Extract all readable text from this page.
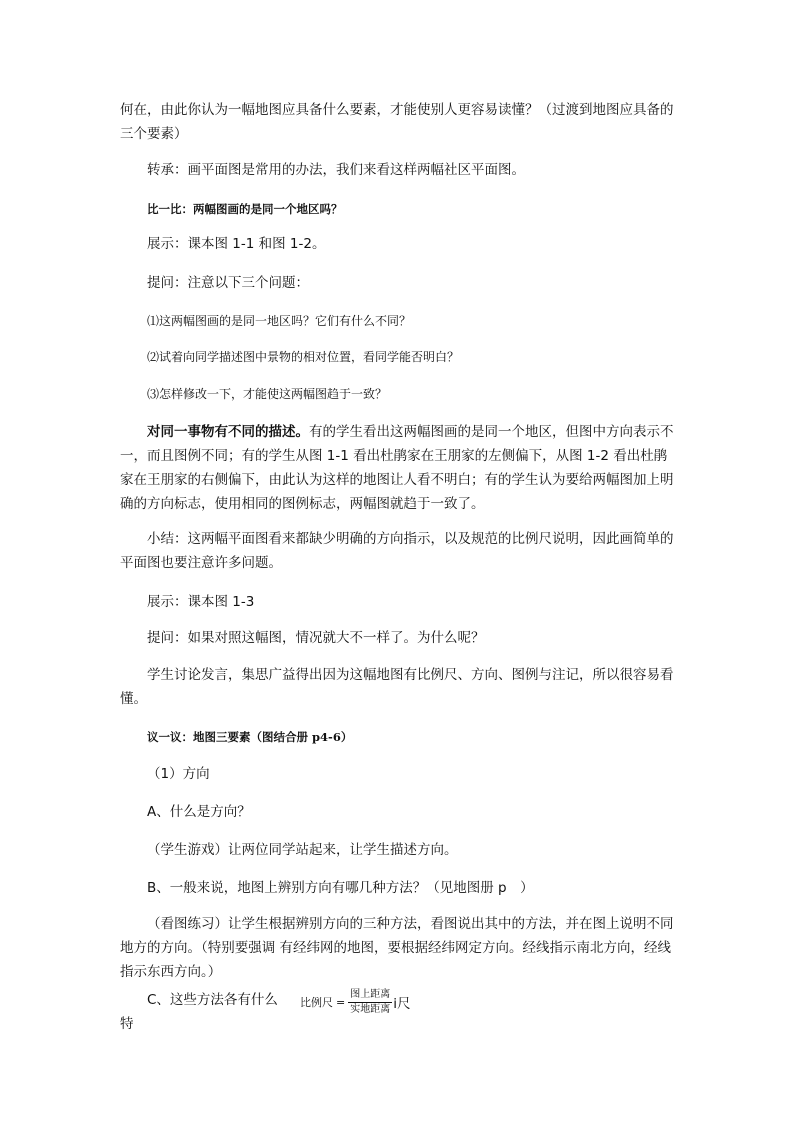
何在，由此你认为一幅地图应具备什么要素，才能使别人更容易读懂？（过渡到地图应具备的三个要素）

转承：画平面图是常用的办法，我们来看这样两幅社区平面图。

比一比：两幅图画的是同一个地区吗？

展示：课本图 1-1 和图 1-2。

提问：注意以下三个问题：

⑴这两幅图画的是同一地区吗？它们有什么不同？

⑵试着向同学描述图中景物的相对位置，看同学能否明白？

⑶怎样修改一下，才能使这两幅图趋于一致？

对同一事物有不同的描述。有的学生看出这两幅图画的是同一个地区，但图中方向表示不一，而且图例不同；有的学生从图 1-1 看出杜鹃家在王朋家的左侧偏下，从图 1-2 看出杜鹃家在王朋家的右侧偏下，由此认为这样的地图让人看不明白；有的学生认为要给两幅图加上明确的方向标志，使用相同的图例标志，两幅图就趋于一致了。

小结：这两幅平面图看来都缺少明确的方向指示，以及规范的比例尺说明，因此画简单的平面图也要注意许多问题。

展示：课本图 1-3

提问：如果对照这幅图，情况就大不一样了。为什么呢？

学生讨论发言，集思广益得出因为这幅地图有比例尺、方向、图例与注记，所以很容易看懂。

议一议：地图三要素（图结合册 p4-6）

（1）方向

A、什么是方向？

（学生游戏）让两位同学站起来，让学生描述方向。

B、一般来说，地图上辨别方向有哪几种方法？（见地图册 p　）

（看图练习）让学生根据辨别方向的三种方法，看图说出其中的方法，并在图上说明不同地方的方向。（特别要强调 有经纬网的地图，要根据经纬网定方向。经线指示南北方向，经线指示东西方向。）

C、这些方法各有什么特

比例尺 = $\frac{\text{图上距离}}{\text{实地距离}}$ ⅰ尺
